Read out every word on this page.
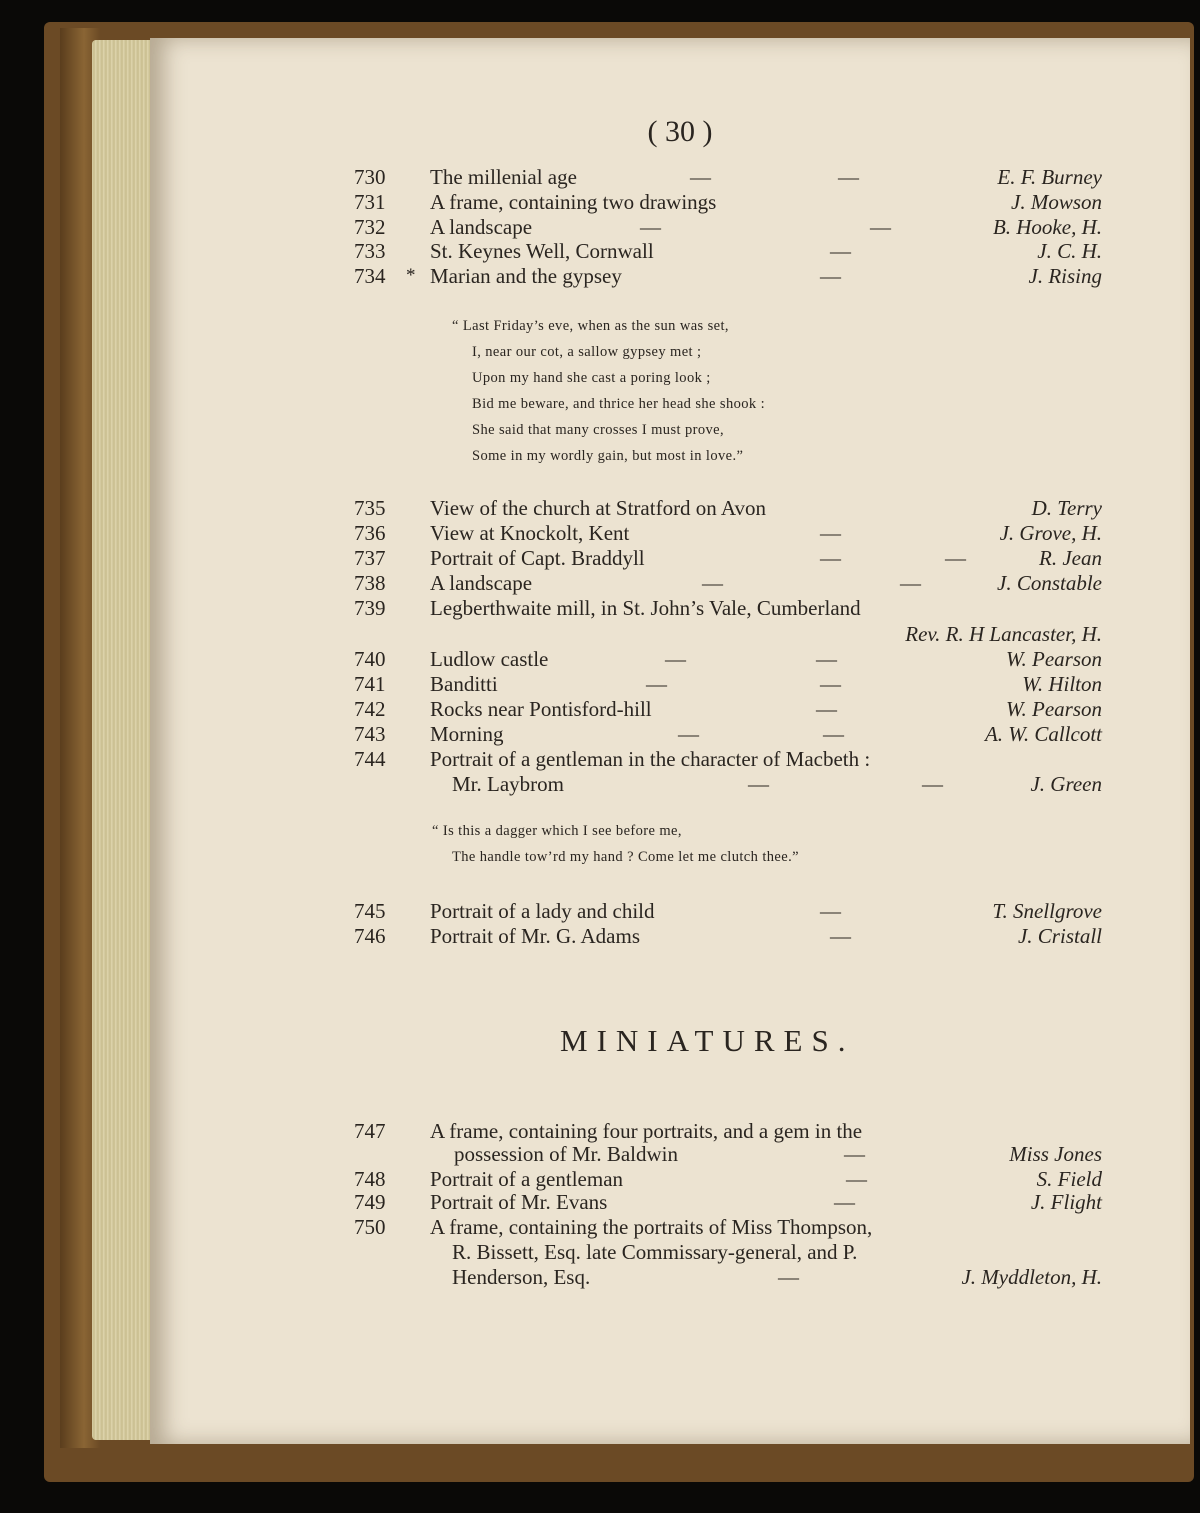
( 30 )
730 The millenial age	—	—	E. F. Burney
731 A frame, containing two drawings	J. Mowson
732 A landscape	—	—	B. Hooke, H.
733 St. Keynes Well, Cornwall	—	J. C. H.
734 * Marian and the gypsey	—	J. Rising
“ Last Friday’s eve, when as the sun was set,
I, near our cot, a sallow gypsey met ;
Upon my hand she cast a poring look ;
Bid me beware, and thrice her head she shook :
She said that many crosses I must prove,
Some in my wordly gain, but most in love.”
735 View of the church at Stratford on Avon	D. Terry
736 View at Knockolt, Kent	—	J. Grove, H.
737 Portrait of Capt. Braddyll	—	—	R. Jean
738 A landscape	—	—	J. Constable
739 Legberthwaite mill, in St. John’s Vale, Cumberland
Rev. R. H Lancaster, H.
740 Ludlow castle	—	—	W. Pearson
741 Banditti	—	—	W. Hilton
742 Rocks near Pontisford-hill	—	W. Pearson
743 Morning	—	—	A. W. Callcott
744 Portrait of a gentleman in the character of Macbeth :
Mr. Laybrom	—	—	J. Green
“ Is this a dagger which I see before me,
The handle tow’rd my hand ? Come let me clutch thee.”
745 Portrait of a lady and child	—	T. Snellgrove
746 Portrait of Mr. G. Adams	—	J. Cristall
MINIATURES.
747 A frame, containing four portraits, and a gem in the
possession of Mr. Baldwin	—	Miss Jones
748 Portrait of a gentleman	—	S. Field
749 Portrait of Mr. Evans	—	J. Flight
750 A frame, containing the portraits of Miss Thompson,
R. Bissett, Esq. late Commissary-general, and P.
Henderson, Esq.	—	J. Myddleton, H.
